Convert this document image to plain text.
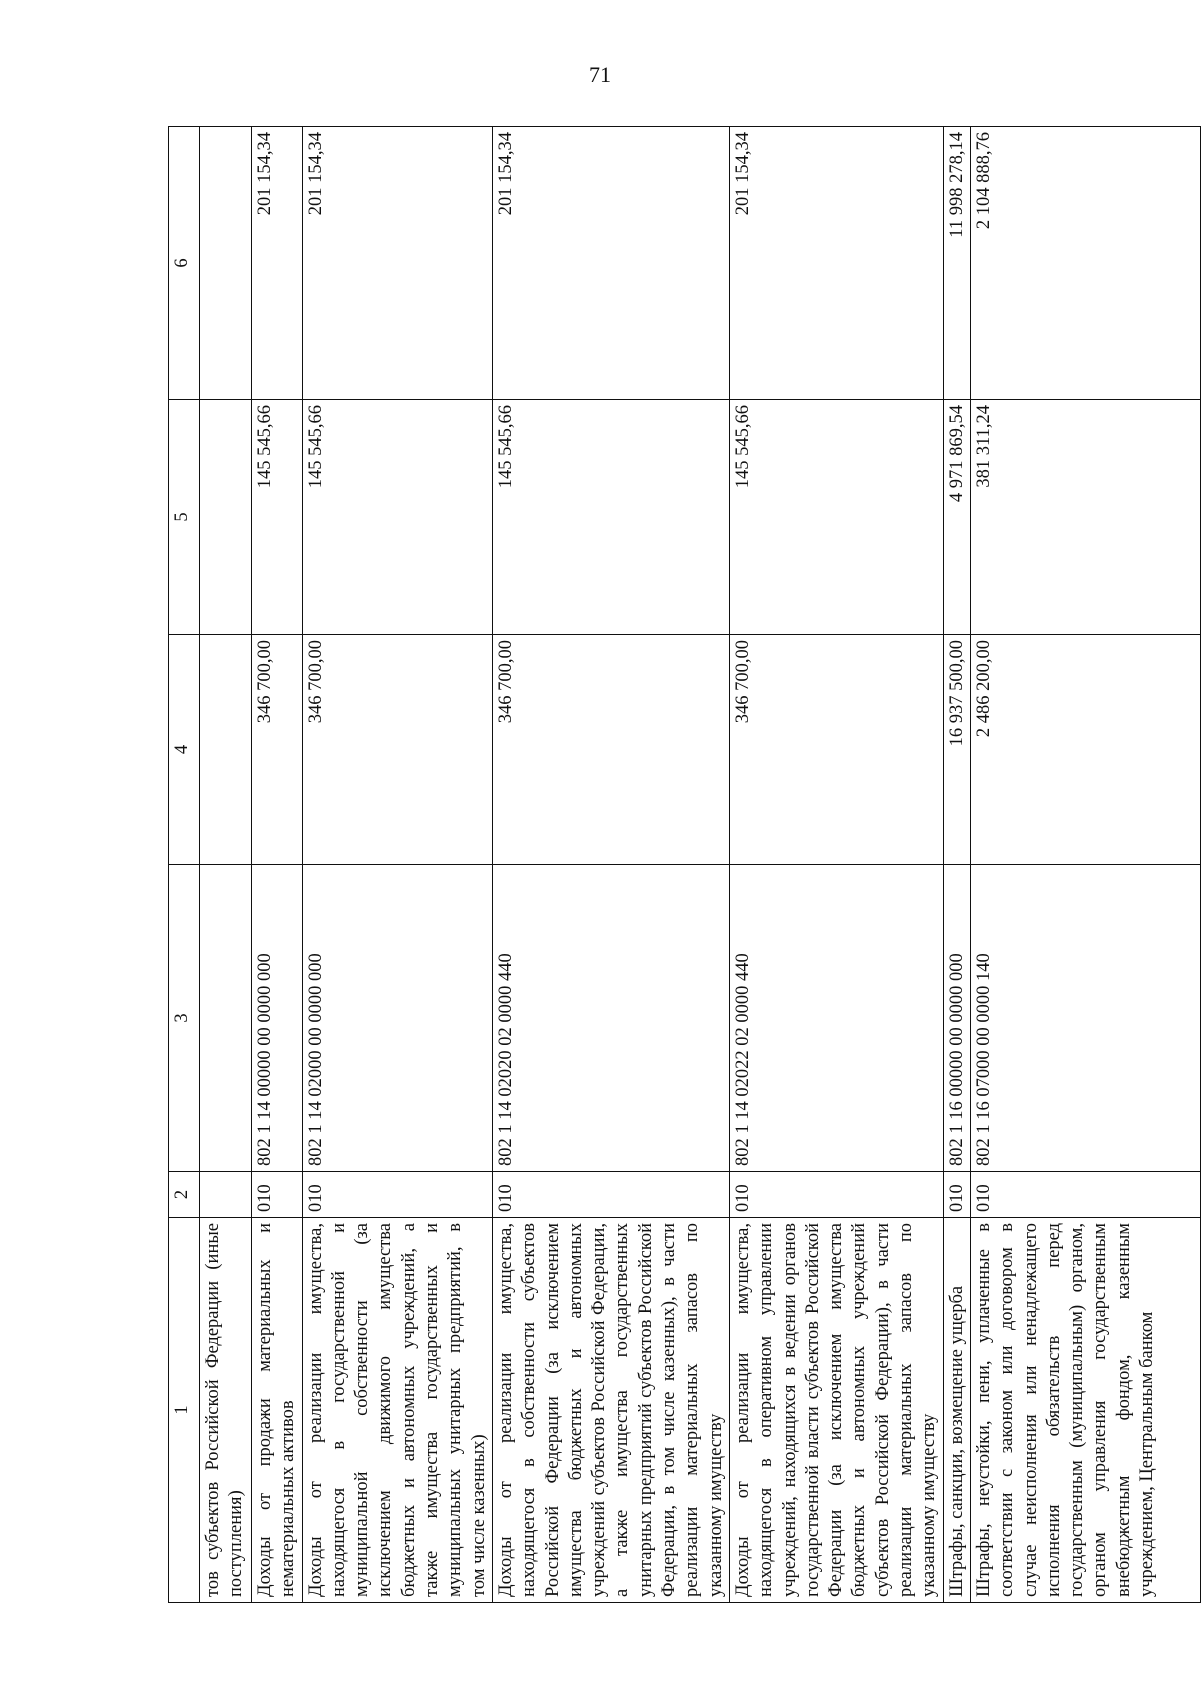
71
1	2	3	4	5	6
тов субъектов Российской Федерации (иные поступления)					
Доходы от продажи материальных и нематериальных активов	010	802 1 14 00000 00 0000 000	346 700,00	145 545,66	201 154,34
Доходы от реализации имущества, находящегося в государственной и муниципальной собственности (за исключением движимого имущества бюджетных и автономных учреждений, а также имущества государственных и муниципальных унитарных предприятий, в том числе казенных)	010	802 1 14 02000 00 0000 000	346 700,00	145 545,66	201 154,34
Доходы от реализации имущества, находящегося в собственности субъектов Российской Федерации (за исключением имущества бюджетных и автономных учреждений субъектов Российской Федерации, а также имущества государственных унитарных предприятий субъектов Российской Федерации, в том числе казенных), в части реализации материальных запасов по указанному имуществу	010	802 1 14 02020 02 0000 440	346 700,00	145 545,66	201 154,34
Доходы от реализации имущества, находящегося в оперативном управлении учреждений, находящихся в ведении органов государственной власти субъектов Российской Федерации (за исключением имущества бюджетных и автономных учреждений субъектов Российской Федерации), в части реализации материальных запасов по указанному имуществу	010	802 1 14 02022 02 0000 440	346 700,00	145 545,66	201 154,34
Штрафы, санкции, возмещение ущерба	010	802 1 16 00000 00 0000 000	16 937 500,00	4 971 869,54	11 998 278,14
Штрафы, неустойки, пени, уплаченные в соответствии с законом или договором в случае неисполнения или ненадлежащего исполнения обязательств перед государственным (муниципальным) органом, органом управления государственным внебюджетным фондом, казенным учреждением, Центральным банком	010	802 1 16 07000 00 0000 140	2 486 200,00	381 311,24	2 104 888,76
